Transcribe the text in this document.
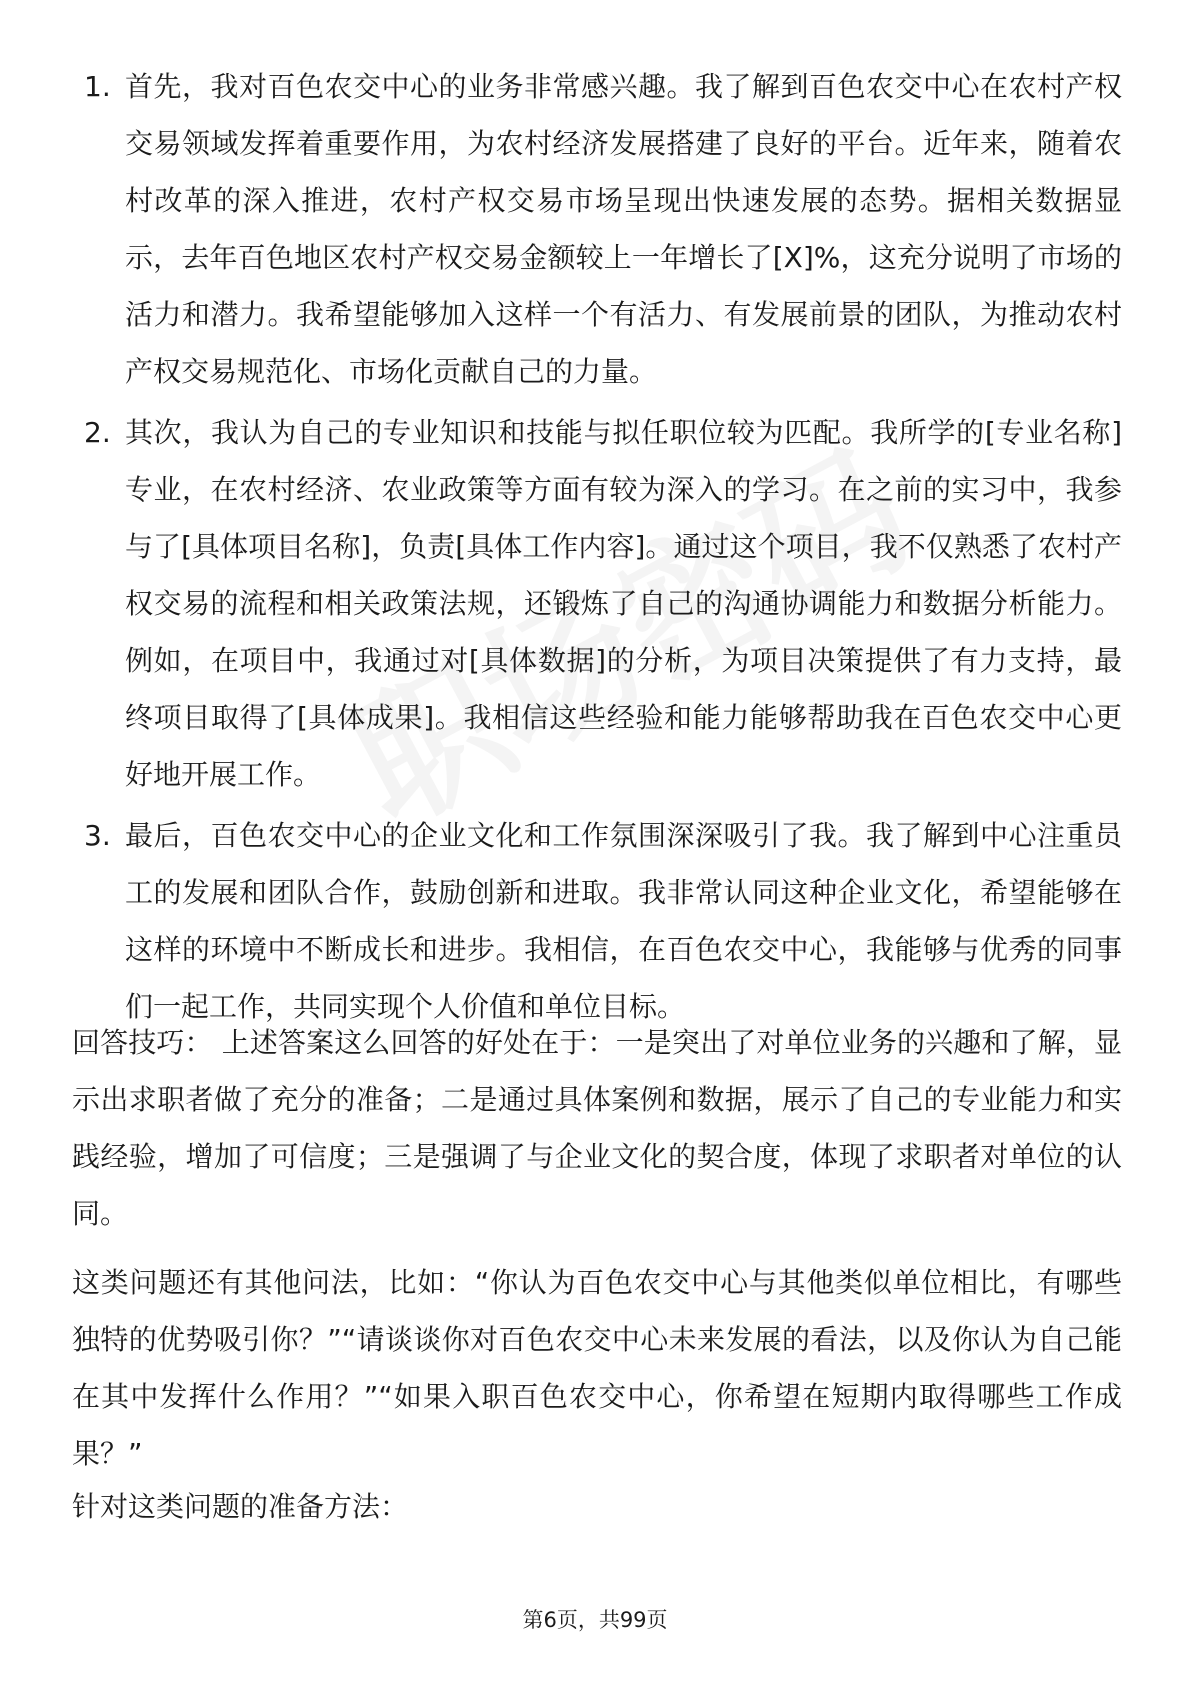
1. 首先，我对百色农交中心的业务非常感兴趣。我了解到百色农交中心在农村产权交易领域发挥着重要作用，为农村经济发展搭建了良好的平台。近年来，随着农村改革的深入推进，农村产权交易市场呈现出快速发展的态势。据相关数据显示，去年百色地区农村产权交易金额较上一年增长了[X]%，这充分说明了市场的活力和潜力。我希望能够加入这样一个有活力、有发展前景的团队，为推动农村产权交易规范化、市场化贡献自己的力量。
2. 其次，我认为自己的专业知识和技能与拟任职位较为匹配。我所学的[专业名称]专业，在农村经济、农业政策等方面有较为深入的学习。在之前的实习中，我参与了[具体项目名称]，负责[具体工作内容]。通过这个项目，我不仅熟悉了农村产权交易的流程和相关政策法规，还锻炼了自己的沟通协调能力和数据分析能力。例如，在项目中，我通过对[具体数据]的分析，为项目决策提供了有力支持，最终项目取得了[具体成果]。我相信这些经验和能力能够帮助我在百色农交中心更好地开展工作。
3. 最后，百色农交中心的企业文化和工作氛围深深吸引了我。我了解到中心注重员工的发展和团队合作，鼓励创新和进取。我非常认同这种企业文化，希望能够在这样的环境中不断成长和进步。我相信，在百色农交中心，我能够与优秀的同事们一起工作，共同实现个人价值和单位目标。

回答技巧： 上述答案这么回答的好处在于：一是突出了对单位业务的兴趣和了解，显示出求职者做了充分的准备；二是通过具体案例和数据，展示了自己的专业能力和实践经验，增加了可信度；三是强调了与企业文化的契合度，体现了求职者对单位的认同。

这类问题还有其他问法，比如：“你认为百色农交中心与其他类似单位相比，有哪些独特的优势吸引你？”“请谈谈你对百色农交中心未来发展的看法，以及你认为自己能在其中发挥什么作用？”“如果入职百色农交中心，你希望在短期内取得哪些工作成果？”

针对这类问题的准备方法：

第6页，共99页
